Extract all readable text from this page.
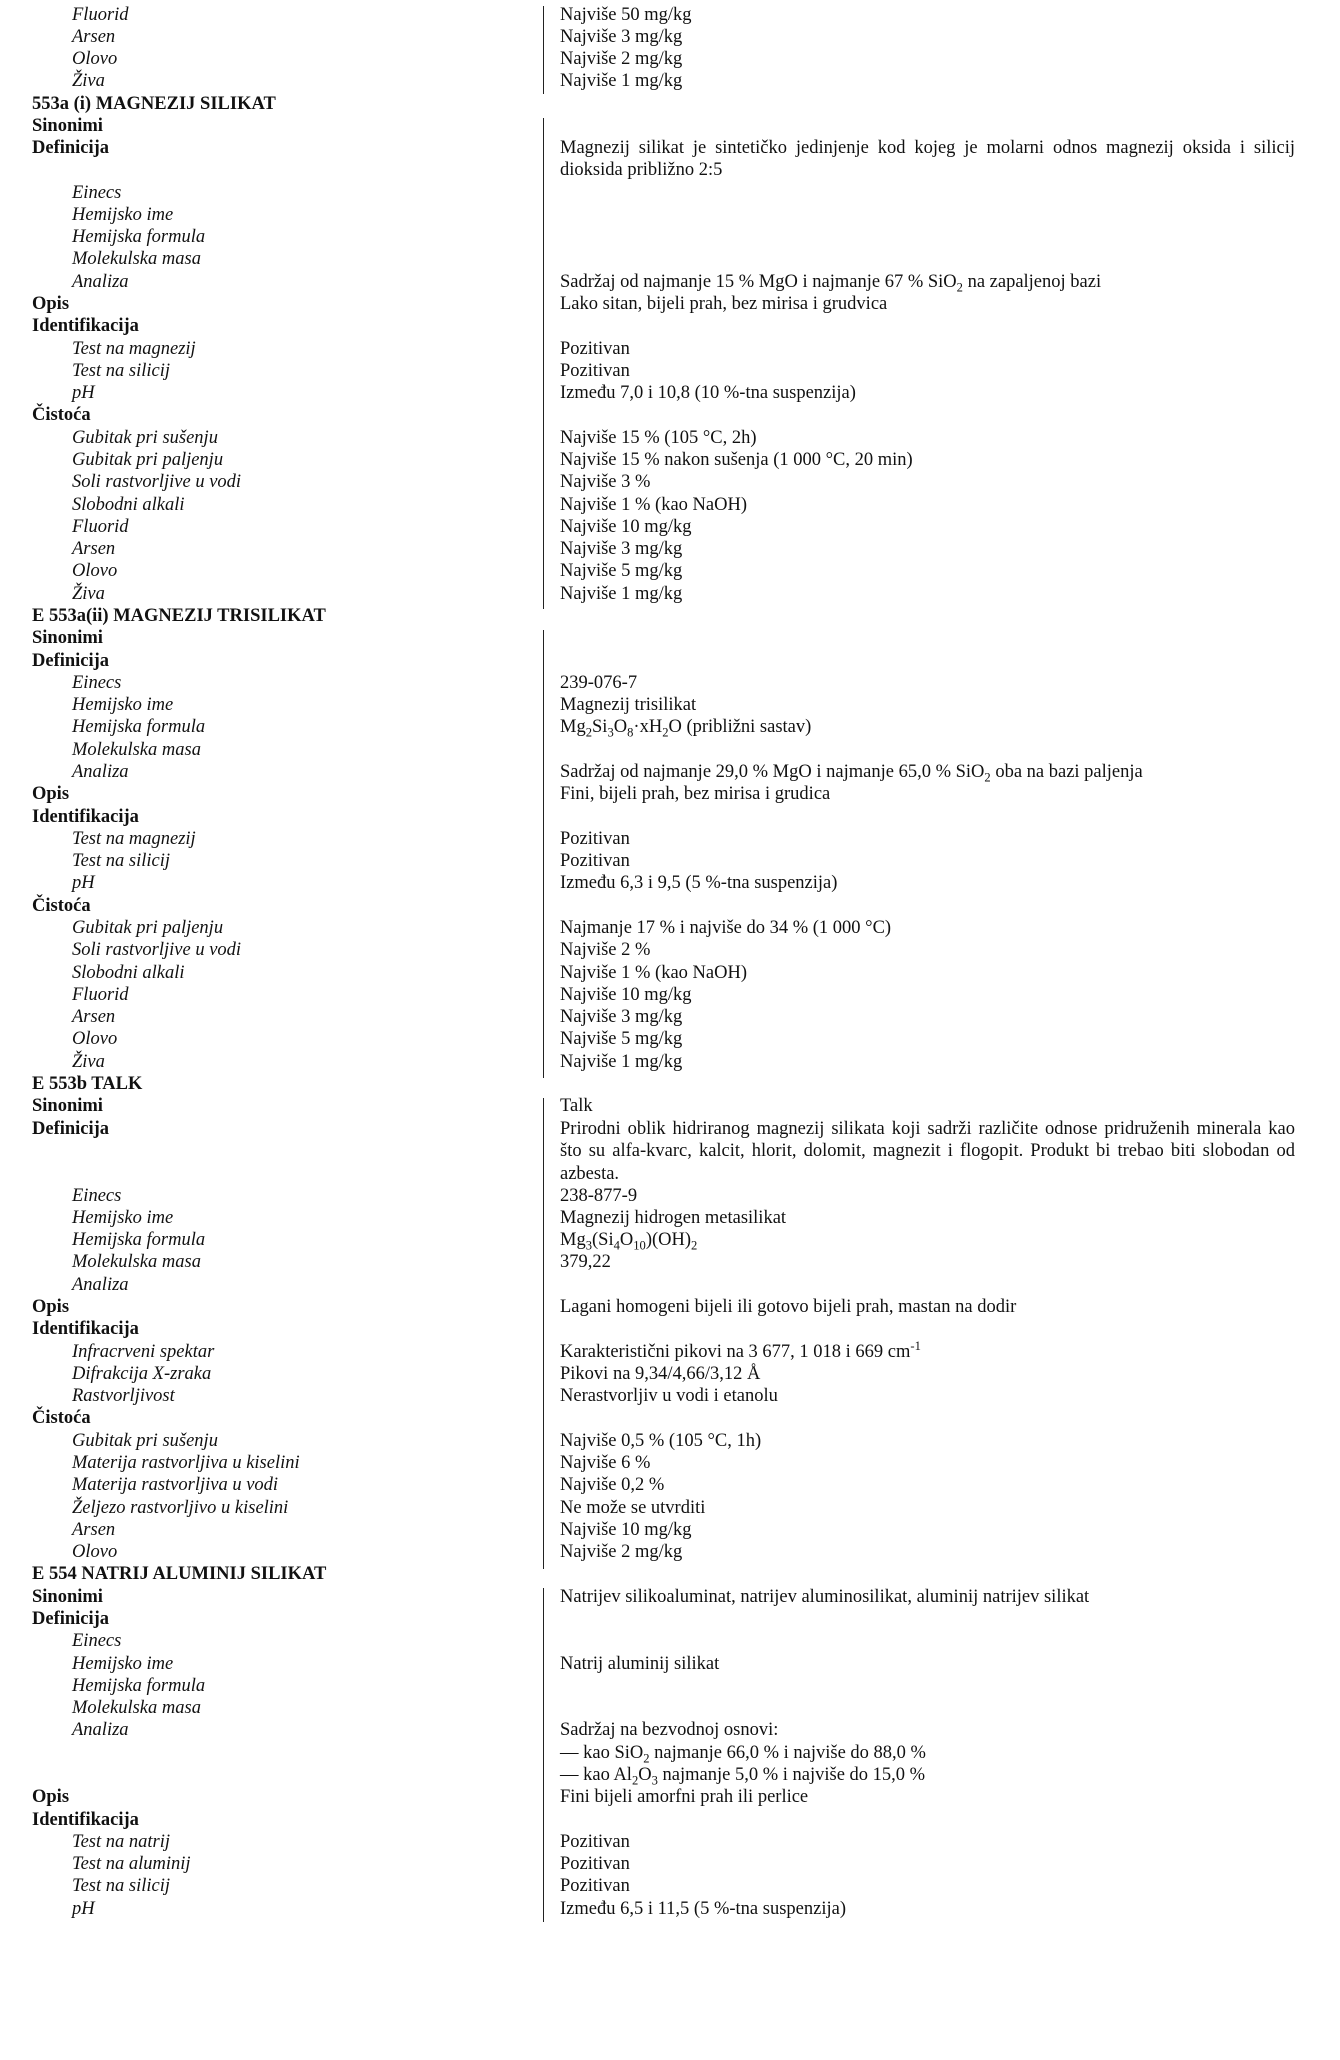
Fluorid	Najviše 50 mg/kg
Arsen	Najviše 3 mg/kg
Olovo	Najviše 2 mg/kg
Živa	Najviše 1 mg/kg
553a (i) MAGNEZIJ SILIKAT
Sinonimi
Definicija	Magnezij silikat je sintetičko jedinjenje kod kojeg je molarni odnos magnezij oksida i silicij dioksida približno 2:5
Einecs
Hemijsko ime
Hemijska formula
Molekulska masa
Analiza	Sadržaj od najmanje 15 % MgO i najmanje 67 % SiO$_2$ na zapaljenoj bazi
Opis	Lako sitan, bijeli prah, bez mirisa i grudvica
Identifikacija
Test na magnezij	Pozitivan
Test na silicij	Pozitivan
pH	Između 7,0 i 10,8 (10 %-tna suspenzija)
Čistoća
Gubitak pri sušenju	Najviše 15 % (105 °C, 2h)
Gubitak pri paljenju	Najviše 15 % nakon sušenja (1 000 °C, 20 min)
Soli rastvorljive u vodi	Najviše 3 %
Slobodni alkali	Najviše 1 % (kao NaOH)
Fluorid	Najviše 10 mg/kg
Arsen	Najviše 3 mg/kg
Olovo	Najviše 5 mg/kg
Živa	Najviše 1 mg/kg
E 553a(ii) MAGNEZIJ TRISILIKAT
Sinonimi
Definicija
Einecs	239-076-7
Hemijsko ime	Magnezij trisilikat
Hemijska formula	$Mg_2Si_3O_8\cdot xH_2O$ (približni sastav)
Molekulska masa
Analiza	Sadržaj od najmanje 29,0 % MgO i najmanje 65,0 % SiO$_2$ oba na bazi paljenja
Opis	Fini, bijeli prah, bez mirisa i grudica
Identifikacija
Test na magnezij	Pozitivan
Test na silicij	Pozitivan
pH	Između 6,3 i 9,5 (5 %-tna suspenzija)
Čistoća
Gubitak pri paljenju	Najmanje 17 % i najviše do 34 % (1 000 °C)
Soli rastvorljive u vodi	Najviše 2 %
Slobodni alkali	Najviše 1 % (kao NaOH)
Fluorid	Najviše 10 mg/kg
Arsen	Najviše 3 mg/kg
Olovo	Najviše 5 mg/kg
Živa	Najviše 1 mg/kg
E 553b TALK
Sinonimi	Talk
Definicija	Prirodni oblik hidriranog magnezij silikata koji sadrži različite odnose pridruženih minerala kao što su alfa-kvarc, kalcit, hlorit, dolomit, magnezit i flogopit. Produkt bi trebao biti slobodan od azbesta.
Einecs	238-877-9
Hemijsko ime	Magnezij hidrogen metasilikat
Hemijska formula	$Mg_3(Si_4O_{10})(OH)_2$
Molekulska masa	379,22
Analiza
Opis	Lagani homogeni bijeli ili gotovo bijeli prah, mastan na dodir
Identifikacija
Infracrveni spektar	Karakteristični pikovi na 3 677, 1 018 i 669 $cm^{-1}$
Difrakcija X-zraka	Pikovi na 9,34/4,66/3,12 Å
Rastvorljivost	Nerastvorljiv u vodi i etanolu
Čistoća
Gubitak pri sušenju	Najviše 0,5 % (105 °C, 1h)
Materija rastvorljiva u kiselini	Najviše 6 %
Materija rastvorljiva u vodi	Najviše 0,2 %
Željezo rastvorljivo u kiselini	Ne može se utvrditi
Arsen	Najviše 10 mg/kg
Olovo	Najviše 2 mg/kg
E 554 NATRIJ ALUMINIJ SILIKAT
Sinonimi	Natrijev silikoaluminat, natrijev aluminosilikat, aluminij natrijev silikat
Definicija
Einecs
Hemijsko ime	Natrij aluminij silikat
Hemijska formula
Molekulska masa
Analiza	Sadržaj na bezvodnoj osnovi:
— kao SiO$_2$ najmanje 66,0 % i najviše do 88,0 %
— kao $Al_2O_3$ najmanje 5,0 % i najviše do 15,0 %
Opis	Fini bijeli amorfni prah ili perlice
Identifikacija
Test na natrij	Pozitivan
Test na aluminij	Pozitivan
Test na silicij	Pozitivan
pH	Između 6,5 i 11,5 (5 %-tna suspenzija)
